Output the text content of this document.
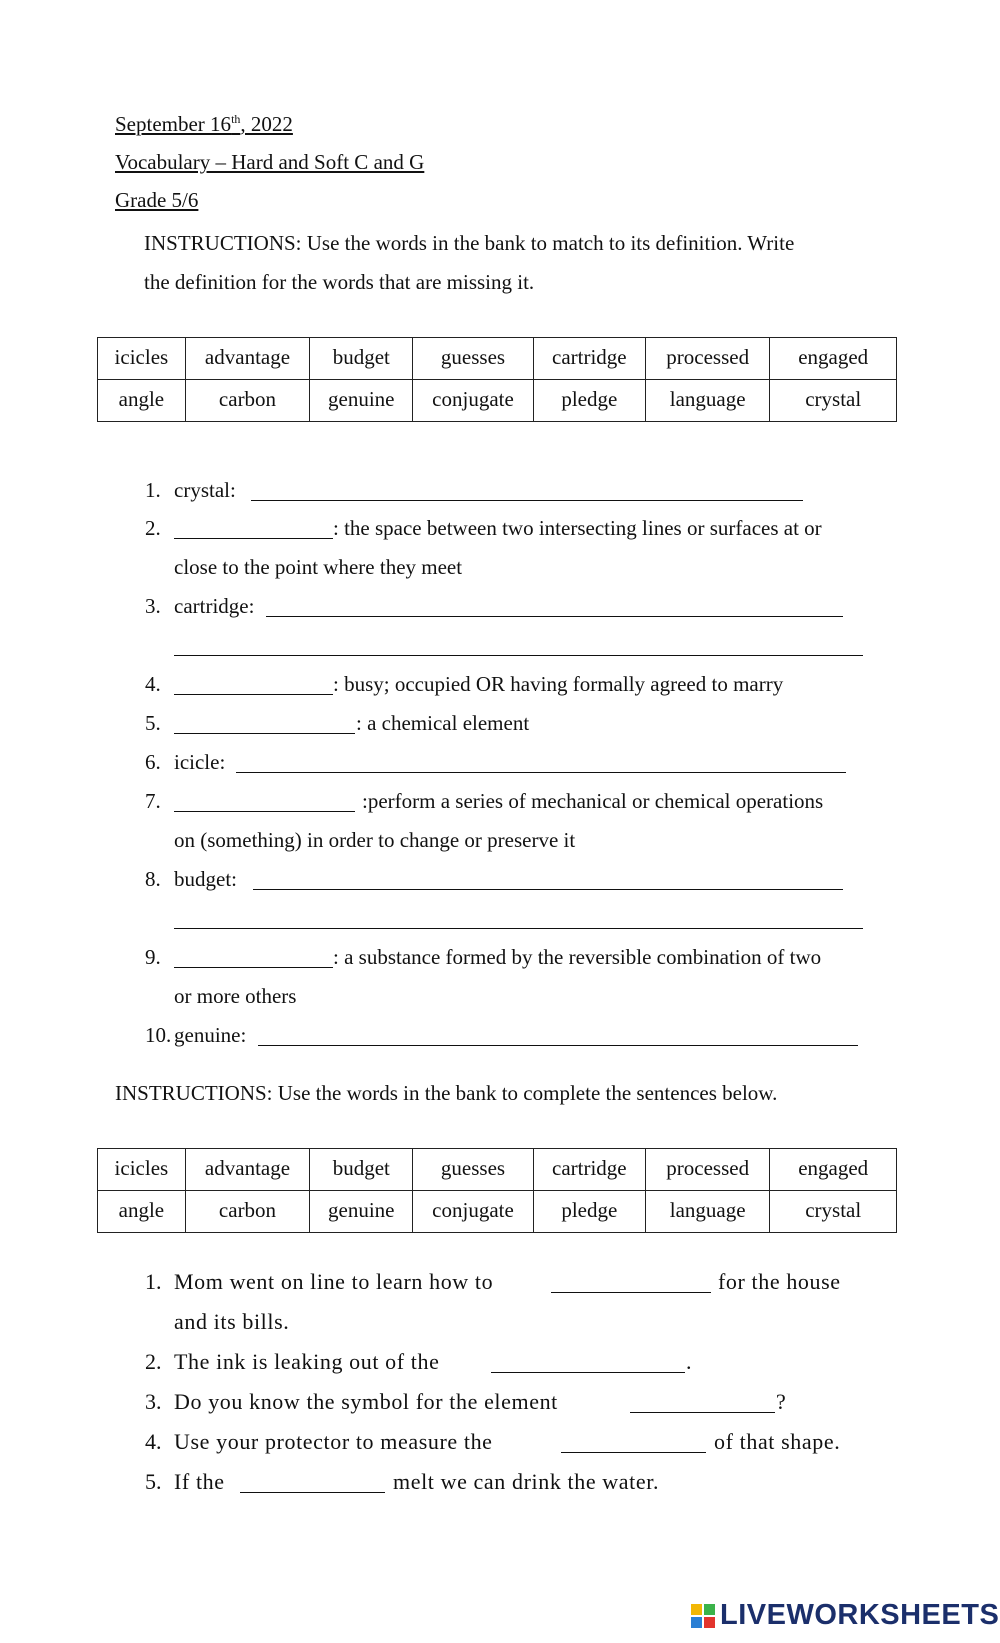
September 16th, 2022
Vocabulary – Hard and Soft C and G
Grade 5/6
INSTRUCTIONS: Use the words in the bank to match to its definition. Write
the definition for the words that are missing it.
icicles	advantage	budget	guesses	cartridge	processed	engaged
angle	carbon	genuine	conjugate	pledge	language	crystal
1. crystal:
2.	: the space between two intersecting lines or surfaces at or
close to the point where they meet
3. cartridge:
4.	: busy; occupied OR having formally agreed to marry
5.	: a chemical element
6. icicle:
7.	:perform a series of mechanical or chemical operations
on (something) in order to change or preserve it
8. budget:
9.	: a substance formed by the reversible combination of two
or more others
10. genuine:
INSTRUCTIONS: Use the words in the bank to complete the sentences below.
icicles	advantage	budget	guesses	cartridge	processed	engaged
angle	carbon	genuine	conjugate	pledge	language	crystal
1. Mom went on line to learn how to	for the house
and its bills.
2. The ink is leaking out of the	.
3. Do you know the symbol for the element	?
4. Use your protector to measure the	of that shape.
5. If the	melt we can drink the water.
LIVEWORKSHEETS
